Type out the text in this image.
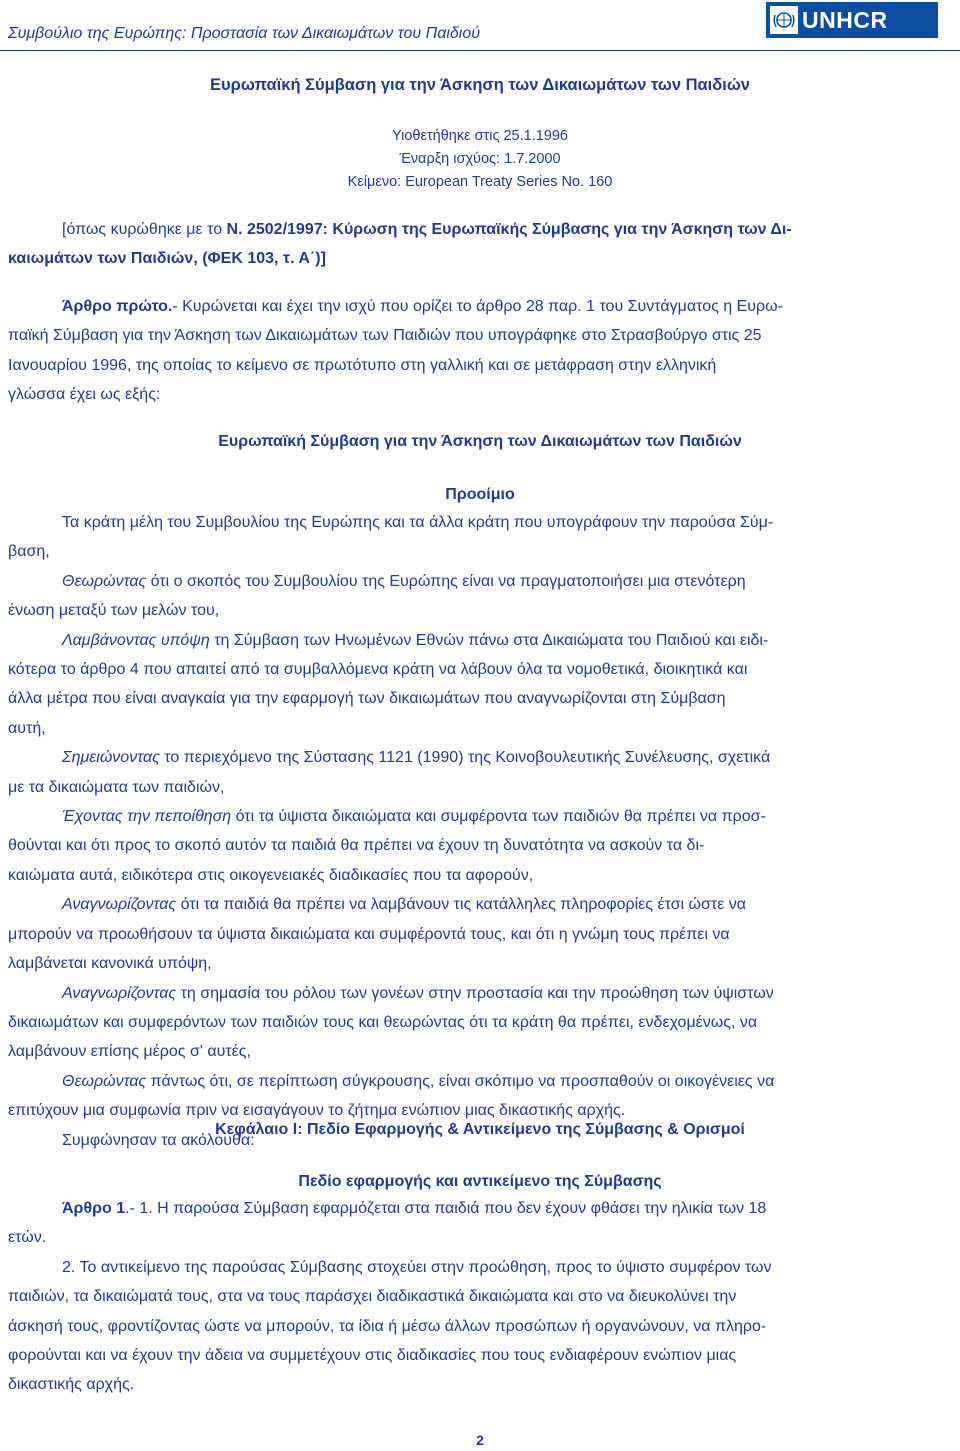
Συμβούλιο της Ευρώπης: Προστασία των Δικαιωμάτων του Παιδιού
UNHCR
Ευρωπαϊκή Σύμβαση για την Άσκηση των Δικαιωμάτων των Παιδιών
Υιοθετήθηκε στις 25.1.1996
Έναρξη ισχύος: 1.7.2000
Κείμενο: European Treaty Series No. 160
[όπως κυρώθηκε με το Ν. 2502/1997: Κύρωση της Ευρωπαϊκής Σύμβασης για την Άσκηση των Δι-
καιωμάτων των Παιδιών, (ΦΕΚ 103, τ. Α΄)]
Άρθρο πρώτο.- Κυρώνεται και έχει την ισχύ που ορίζει το άρθρο 28 παρ. 1 του Συντάγματος η Ευρω-
παϊκή Σύμβαση για την Άσκηση των Δικαιωμάτων των Παιδιών που υπογράφηκε στο Στρασβούργο στις 25
Ιανουαρίου 1996, της οποίας το κείμενο σε πρωτότυπο στη γαλλική και σε μετάφραση στην ελληνική
γλώσσα έχει ως εξής:
Ευρωπαϊκή Σύμβαση για την Άσκηση των Δικαιωμάτων των Παιδιών
Προοίμιο
Τα κράτη μέλη του Συμβουλίου της Ευρώπης και τα άλλα κράτη που υπογράφουν την παρούσα Σύμ-
βαση,
Θεωρώντας ότι ο σκοπός του Συμβουλίου της Ευρώπης είναι να πραγματοποιήσει μια στενότερη
ένωση μεταξύ των μελών του,
Λαμβάνοντας υπόψη τη Σύμβαση των Ηνωμένων Εθνών πάνω στα Δικαιώματα του Παιδιού και ειδι-
κότερα το άρθρο 4 που απαιτεί από τα συμβαλλόμενα κράτη να λάβουν όλα τα νομοθετικά, διοικητικά και
άλλα μέτρα που είναι αναγκαία για την εφαρμογή των δικαιωμάτων που αναγνωρίζονται στη Σύμβαση
αυτή,
Σημειώνοντας το περιεχόμενο της Σύστασης 1121 (1990) της Κοινοβουλευτικής Συνέλευσης, σχετικά
με τα δικαιώματα των παιδιών,
Έχοντας την πεποίθηση ότι τα ύψιστα δικαιώματα και συμφέροντα των παιδιών θα πρέπει να προσ-
θούνται και ότι προς το σκοπό αυτόν τα παιδιά θα πρέπει να έχουν τη δυνατότητα να ασκούν τα δι-
καιώματα αυτά, ειδικότερα στις οικογενειακές διαδικασίες που τα αφορούν,
Αναγνωρίζοντας ότι τα παιδιά θα πρέπει να λαμβάνουν τις κατάλληλες πληροφορίες έτσι ώστε να
μπορούν να προωθήσουν τα ύψιστα δικαιώματα και συμφέροντά τους, και ότι η γνώμη τους πρέπει να
λαμβάνεται κανονικά υπόψη,
Αναγνωρίζοντας τη σημασία του ρόλου των γονέων στην προστασία και την προώθηση των ύψιστων
δικαιωμάτων και συμφερόντων των παιδιών τους και θεωρώντας ότι τα κράτη θα πρέπει, ενδεχομένως, να
λαμβάνουν επίσης μέρος σ' αυτές,
Θεωρώντας πάντως ότι, σε περίπτωση σύγκρουσης, είναι σκόπιμο να προσπαθούν οι οικογένειες να
επιτύχουν μια συμφωνία πριν να εισαγάγουν το ζήτημα ενώπιον μιας δικαστικής αρχής.
Συμφώνησαν τα ακόλουθα:
Κεφάλαιο I: Πεδίο Εφαρμογής & Αντικείμενο της Σύμβασης & Ορισμοί
Πεδίο εφαρμογής και αντικείμενο της Σύμβασης
Άρθρο 1.- 1. Η παρούσα Σύμβαση εφαρμόζεται στα παιδιά που δεν έχουν φθάσει την ηλικία των 18
ετών.
2. Το αντικείμενο της παρούσας Σύμβασης στοχεύει στην προώθηση, προς το ύψιστο συμφέρον των
παιδιών, τα δικαιώματά τους, στα να τους παράσχει διαδικαστικά δικαιώματα και στο να διευκολύνει την
άσκησή τους, φροντίζοντας ώστε να μπορούν, τα ίδια ή μέσω άλλων προσώπων ή οργανώνουν, να πληρο-
φορούνται και να έχουν την άδεια να συμμετέχουν στις διαδικασίες που τους ενδιαφέρουν ενώπιον μιας
δικαστικής αρχής.
2
